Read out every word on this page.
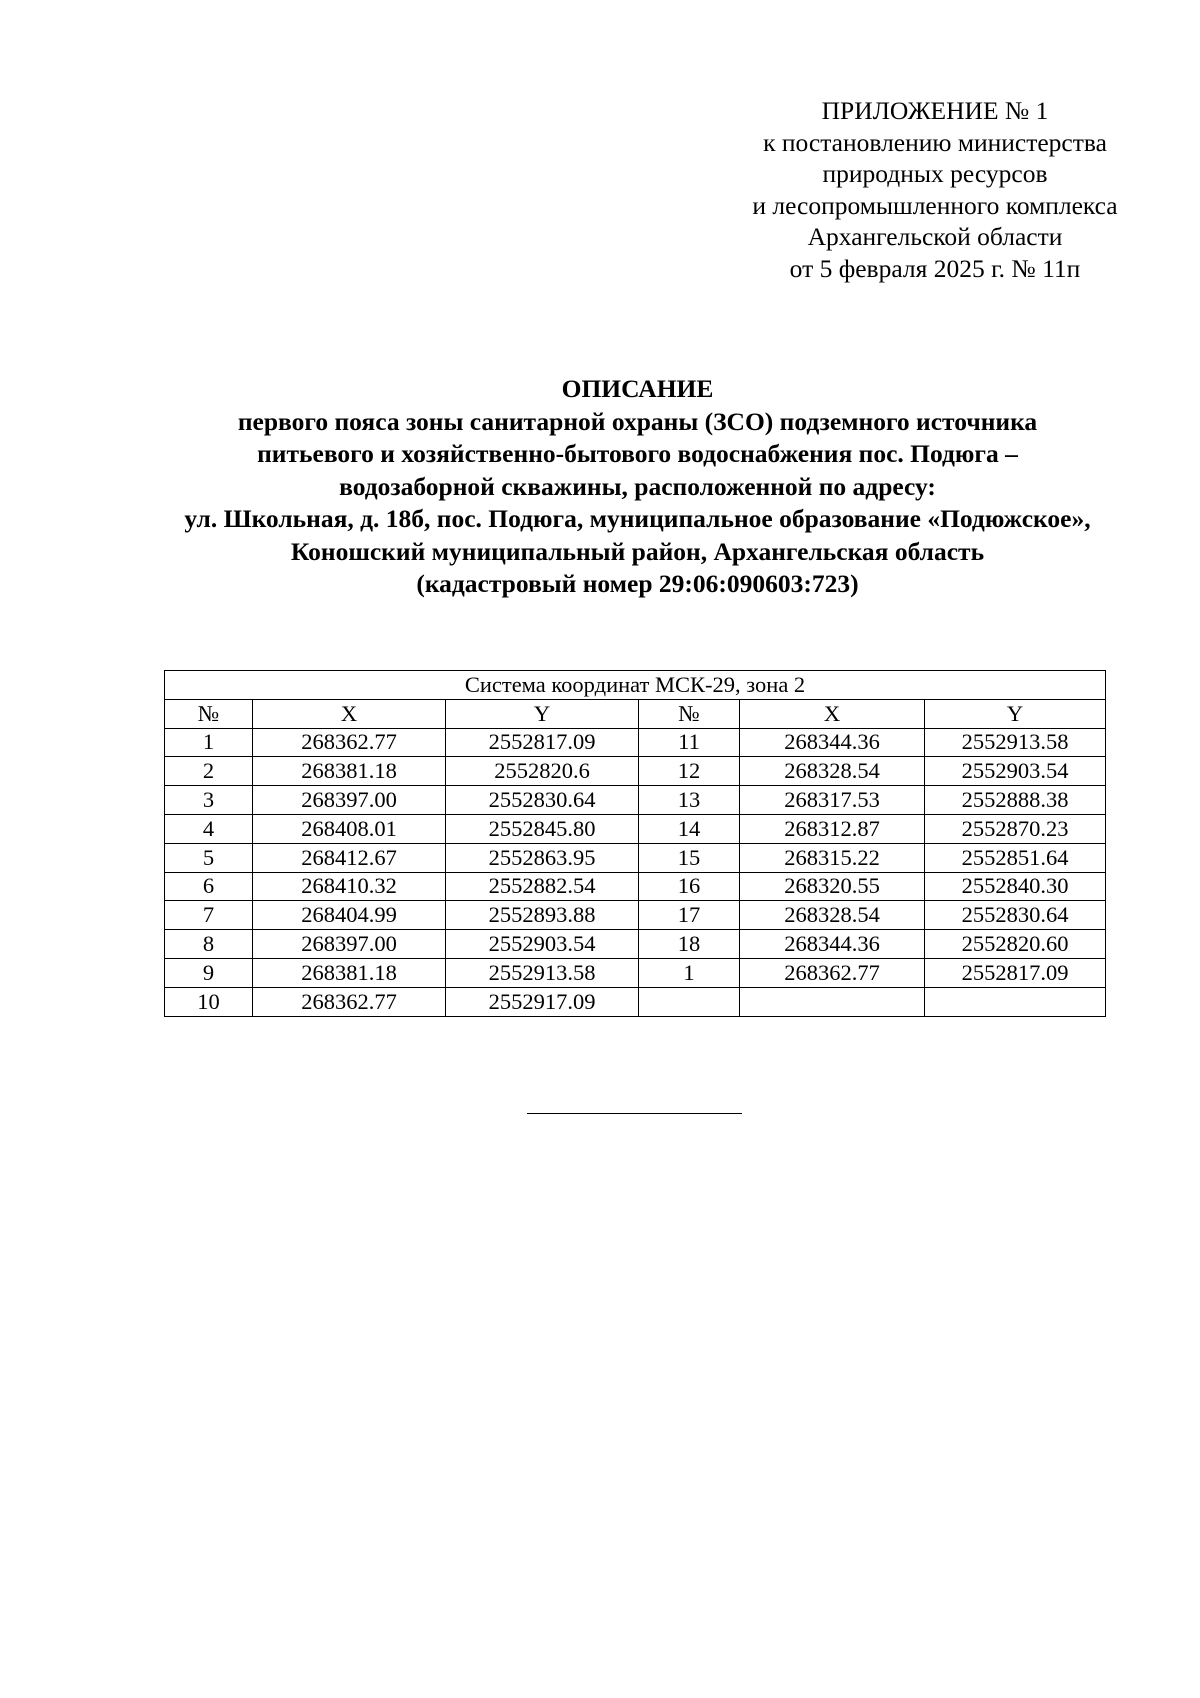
ПРИЛОЖЕНИЕ № 1
к постановлению министерства
природных ресурсов
и лесопромышленного комплекса
Архангельской области
от 5 февраля 2025 г. № 11п
ОПИСАНИЕ
первого пояса зоны санитарной охраны (ЗСО) подземного источника
питьевого и хозяйственно-бытового водоснабжения пос. Подюга –
водозаборной скважины, расположенной по адресу:
ул. Школьная, д. 18б, пос. Подюга, муниципальное образование «Подюжское»,
Коношский муниципальный район, Архангельская область
(кадастровый номер 29:06:090603:723)
Система координат МСК-29, зона 2					
№	X	Y	№	X	Y
1	268362.77	2552817.09	11	268344.36	2552913.58
2	268381.18	2552820.6	12	268328.54	2552903.54
3	268397.00	2552830.64	13	268317.53	2552888.38
4	268408.01	2552845.80	14	268312.87	2552870.23
5	268412.67	2552863.95	15	268315.22	2552851.64
6	268410.32	2552882.54	16	268320.55	2552840.30
7	268404.99	2552893.88	17	268328.54	2552830.64
8	268397.00	2552903.54	18	268344.36	2552820.60
9	268381.18	2552913.58	1	268362.77	2552817.09
10	268362.77	2552917.09			
